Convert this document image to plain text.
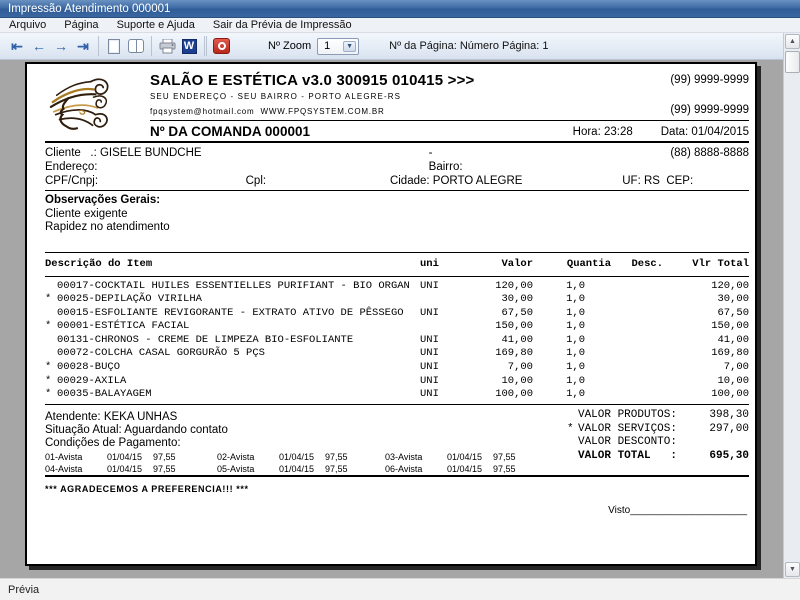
Impressão Atendimento 000001
Arquivo	Página	Suporte e Ajuda	Sair da Prévia de Impressão
⇤ ← → ⇥	W	Nº Zoom 1	▼	Nº da Página: Número Página: 1
SALÃO E ESTÉTICA v3.0 300915 010415 >>>	(99) 9999-9999
SEU ENDEREÇO - SEU BAIRRO - PORTO ALEGRE-RS
fpqsystem@hotmail.com  WWW.FPQSYSTEM.COM.BR	(99) 9999-9999
Nº DA COMANDA 000001	Hora: 23:28 Data: 01/04/2015
Cliente   .: GISELE BUNDCHE	-	(88) 8888-8888
Endereço:	Bairro:
CPF/Cnpj:	Cpl:	Cidade: PORTO ALEGRE	UF: RS  CEP:
Observações Gerais:
Cliente exigente
Rapidez no atendimento
Descrição do Item	uni	Valor	Quantia	Desc.	Vlr Total
00017-COCKTAIL HUILES ESSENTIELLES PURIFIANT - BIO ORGAN UNI	120,00	1,0	120,00
* 00025-DEPILAÇÃO VIRILHA	30,00	1,0	30,00
00015-ESFOLIANTE REVIGORANTE - EXTRATO ATIVO DE PÊSSEGO	UNI	67,50	1,0	67,50
* 00001-ESTÉTICA FACIAL	150,00	1,0	150,00
00131-CHRONOS - CREME DE LIMPEZA BIO-ESFOLIANTE	UNI	41,00	1,0	41,00
00072-COLCHA CASAL GORGURÃO 5 PÇS	UNI	169,80	1,0	169,80
* 00028-BUÇO	UNI	7,00	1,0	7,00
* 00029-AXILA	UNI	10,00	1,0	10,00
* 00035-BALAYAGEM	UNI	100,00	1,0	100,00
Atendente: KEKA UNHAS
Situação Atual: Aguardando contato
Condições de Pagamento:
01-Avista	01/04/15	97,55	02-Avista	01/04/15	97,55	03-Avista	01/04/15	97,55
04-Avista	01/04/15	97,55	05-Avista	01/04/15	97,55	06-Avista	01/04/15	97,55
VALOR PRODUTOS:	398,30
* VALOR SERVIÇOS:	297,00
VALOR DESCONTO:
VALOR TOTAL   :	695,30
*** AGRADECEMOS A PREFERENCIA!!! ***
Visto_____________________
▲
▼
Prévia
